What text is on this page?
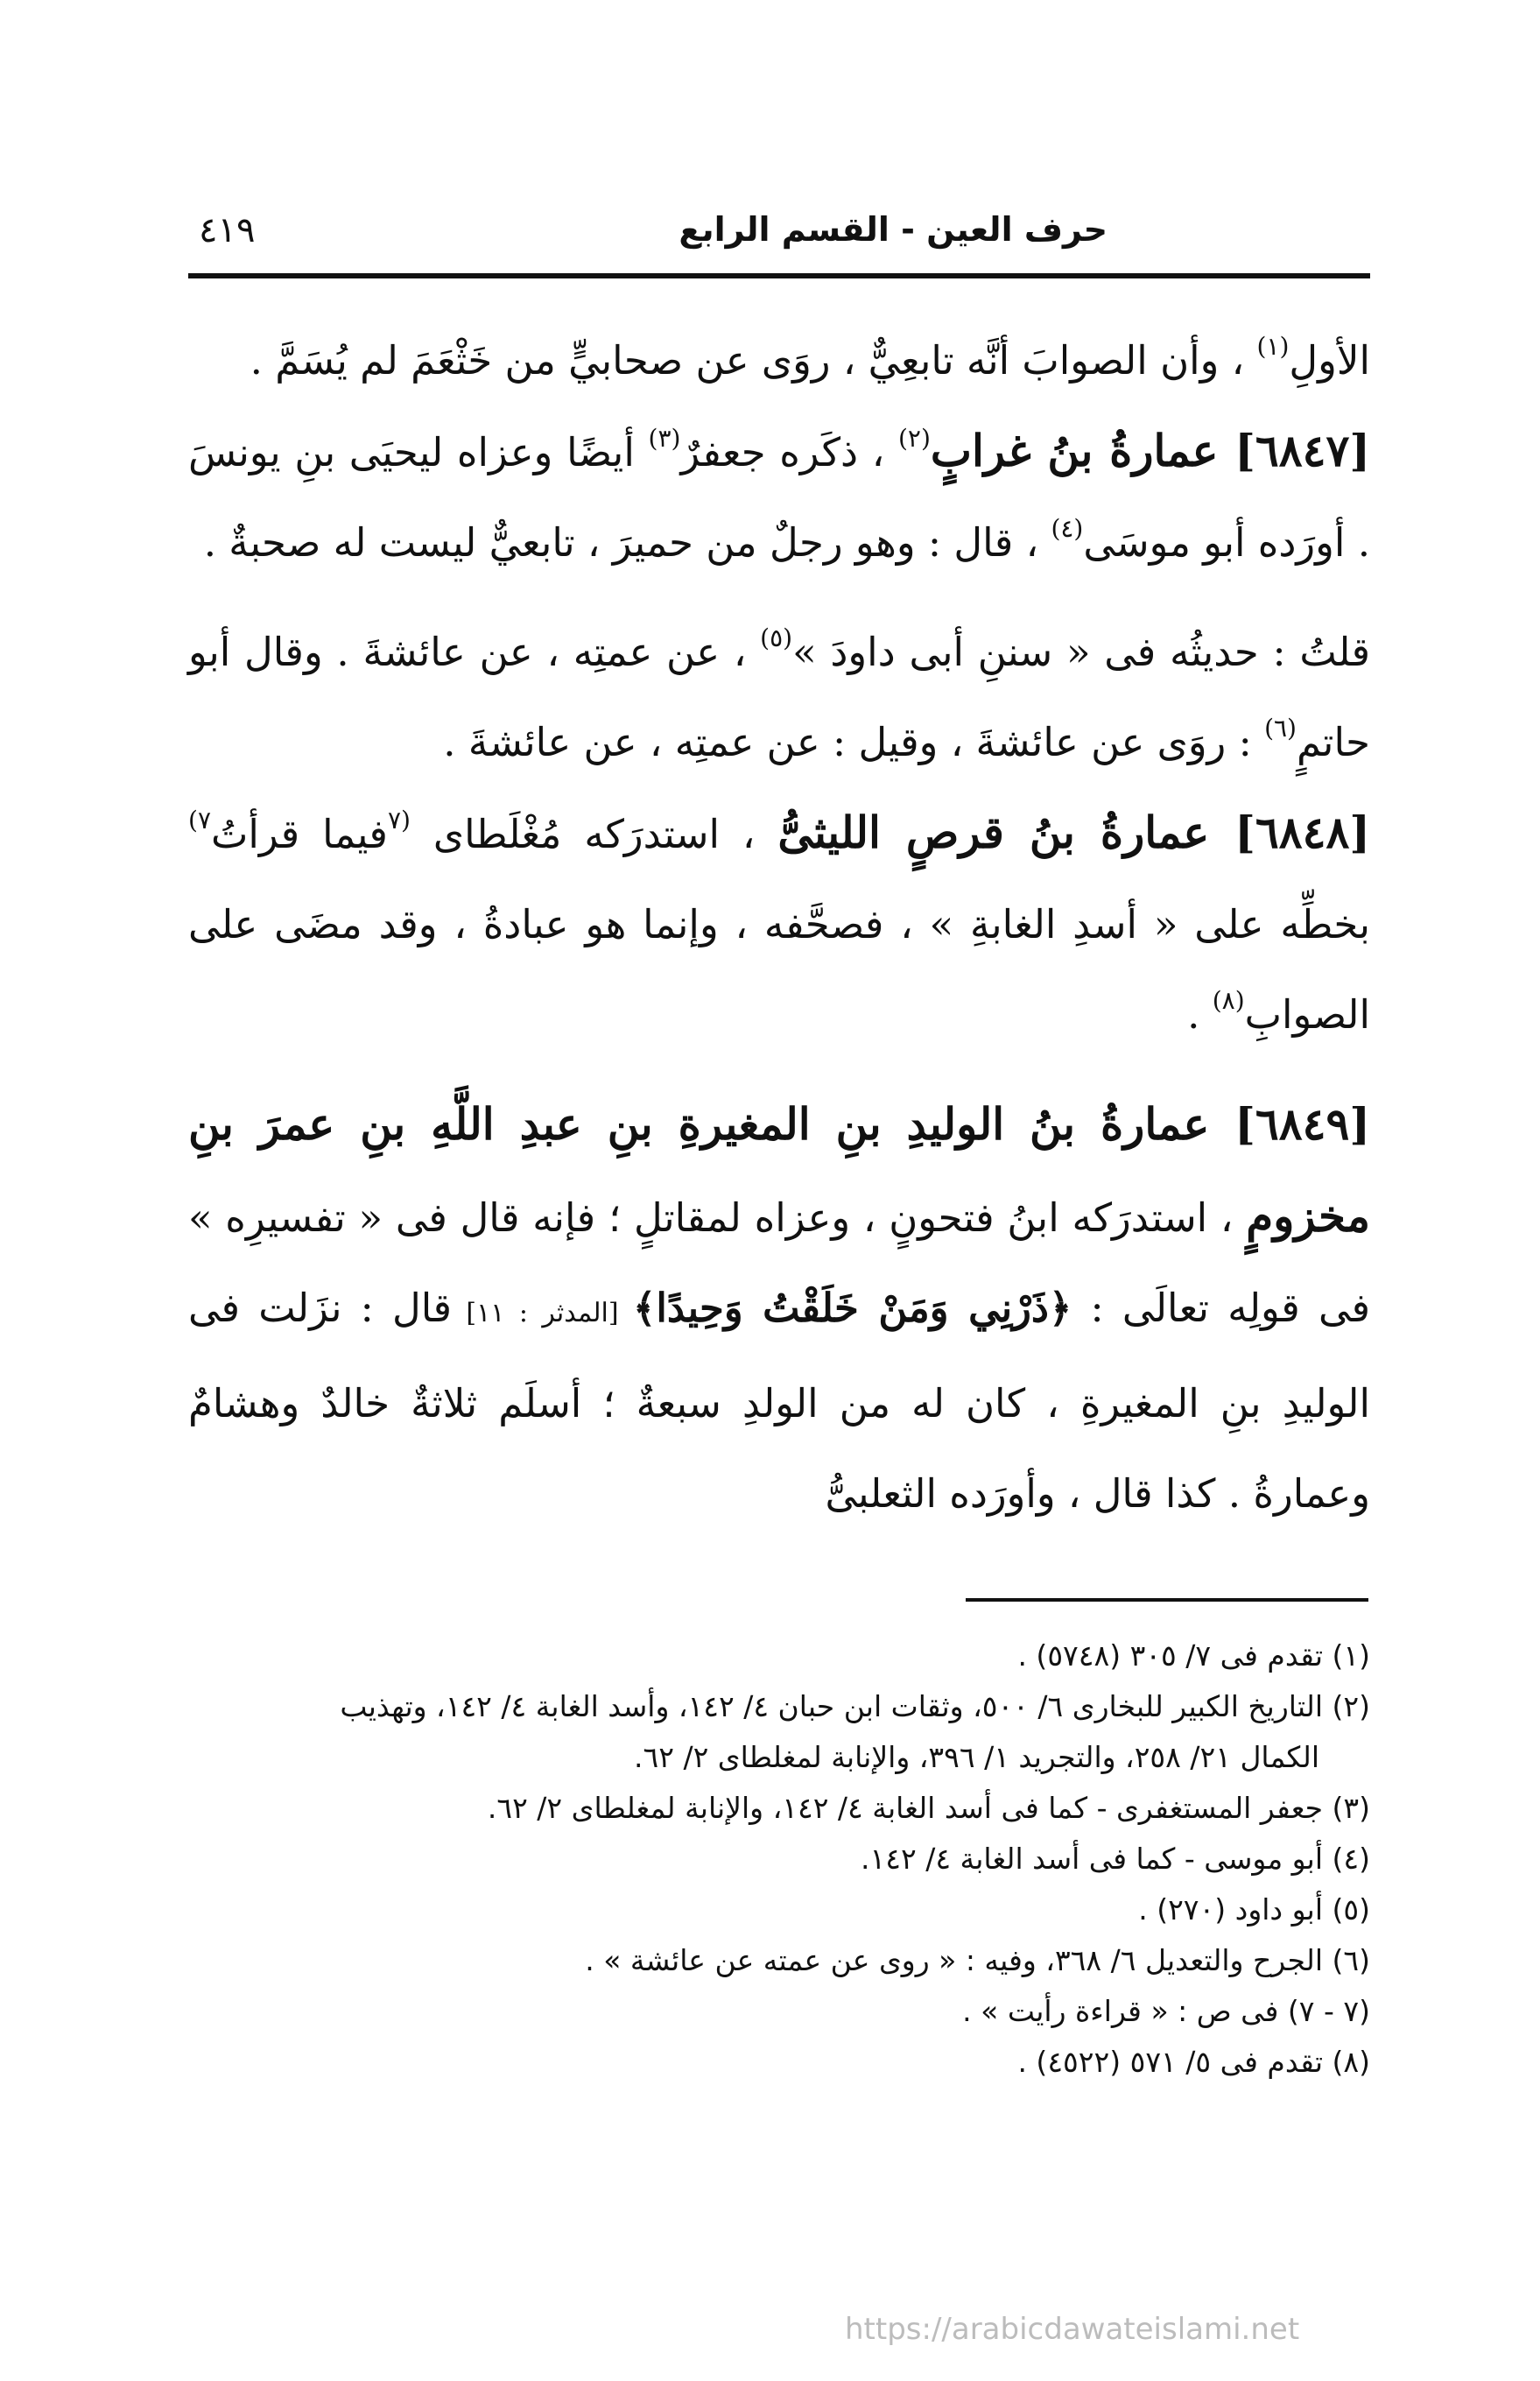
حرف العين - القسم الرابع
٤١٩

الأولِ$^{(١)}$ ، وأن الصوابَ أنَّه تابعِيٌّ ، روَى عن صحابيٍّ من خَثْعَمَ لم يُسَمَّ .

[٦٨٤٧] عمارةُ بنُ غرابٍ$^{(٢)}$ ، ذكَره جعفرٌ$^{(٣)}$ أيضًا وعزاه ليحيَى بنِ يونسَ . أورَده أبو موسَى$^{(٤)}$ ، قال : وهو رجلٌ من حميرَ ، تابعيٌّ ليست له صحبةٌ .

قلتُ : حديثُه فى « سننِ أبى داودَ »$^{(٥)}$ ، عن عمتِه ، عن عائشةَ . وقال أبو حاتمٍ$^{(٦)}$ : روَى عن عائشةَ ، وقيل : عن عمتِه ، عن عائشةَ .

[٦٨٤٨] عمارةُ بنُ قرصٍ الليثىُّ ، استدرَكه مُغْلَطاى $^{(٧}$فيما قرأتُ$^{٧)}$ بخطِّه على « أسدِ الغابةِ » ، فصحَّفه ، وإنما هو عبادةُ ، وقد مضَى على الصوابِ$^{(٨)}$ .

[٦٨٤٩] عمارةُ بنُ الوليدِ بنِ المغيرةِ بنِ عبدِ اللَّهِ بنِ عمرَ بنِ مخزومٍ ، استدرَكه ابنُ فتحونٍ ، وعزاه لمقاتلٍ ؛ فإنه قال فى « تفسيرِه » فى قولِه تعالَى : ﴿ذَرْنِي وَمَنْ خَلَقْتُ وَحِيدًا﴾ [المدثر : ١١] قال : نزَلت فى الوليدِ بنِ المغيرةِ ، كان له من الولدِ سبعةٌ ؛ أسلَم ثلاثةٌ خالدٌ وهشامٌ وعمارةُ . كذا قال ، وأورَده الثعلبىُّ

(١) تقدم فى ٧/ ٣٠٥ (٥٧٤٨) .

(٢) التاريخ الكبير للبخارى ٦/ ٥٠٠، وثقات ابن حبان ٤/ ١٤٢، وأسد الغابة ٤/ ١٤٢، وتهذيب

الكمال ٢١/ ٢٥٨، والتجريد ١/ ٣٩٦، والإنابة لمغلطاى ٢/ ٦٢.

(٣) جعفر المستغفرى - كما فى أسد الغابة ٤/ ١٤٢، والإنابة لمغلطاى ٢/ ٦٢.

(٤) أبو موسى - كما فى أسد الغابة ٤/ ١٤٢.

(٥) أبو داود (٢٧٠) .

(٦) الجرح والتعديل ٦/ ٣٦٨، وفيه : « روى عن عمته عن عائشة » .

(٧ - ٧) فى ص : « قراءة رأيت » .

(٨) تقدم فى ٥/ ٥٧١ (٤٥٢٢) .

https://arabicdawateislami.net
